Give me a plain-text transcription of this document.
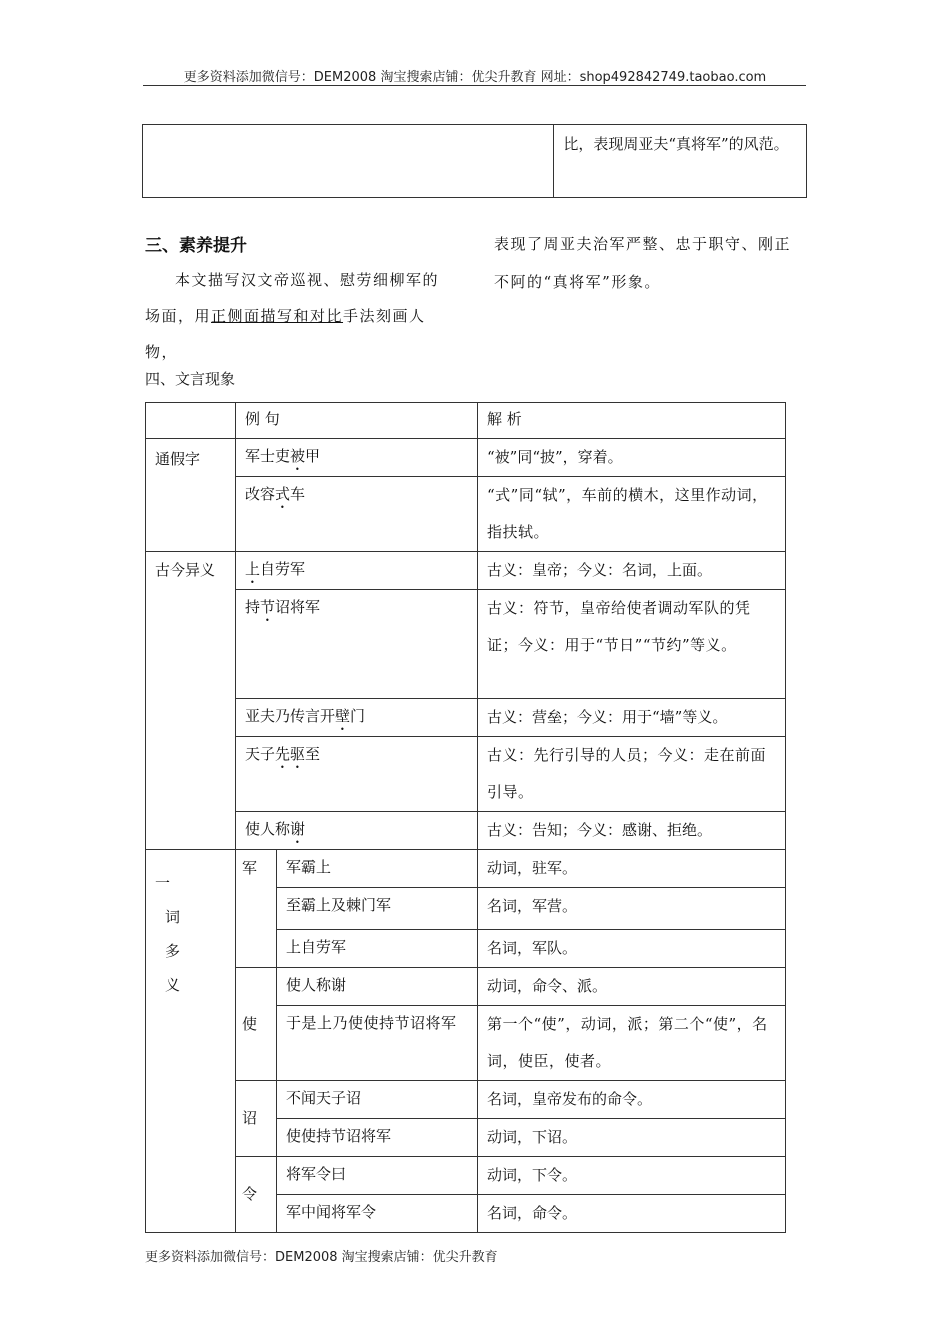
更多资料添加微信号：DEM2008 淘宝搜索店铺：优尖升教育 网址：shop492842749.taobao.com
	比，表现周亚夫“真将军”的风范。
三、素养提升
本文描写汉文帝巡视、慰劳细柳军的场面，用正侧面描写和对比手法刻画人物，
表现了周亚夫治军严整、忠于职守、刚正不阿的“真将军”形象。
四、文言现象
	例 句		解 析
通假字	军士吏被甲		“被”同“披”，穿着。
	改容式车		“式”同“轼”，车前的横木，这里作动词，指扶轼。
古今异义	上自劳军		古义：皇帝；今义：名词，上面。
	持节诏将军		古义：符节，皇帝给使者调动军队的凭证；今义：用于“节日”“节约”等义。
	亚夫乃传言开壁门		古义：营垒；今义：用于“墙”等义。
	天子先驱至		古义：先行引导的人员；今义：走在前面引导。
	使人称谢		古义：告知；今义：感谢、拒绝。

一
词
多
义	军	军霸上	动词，驻军。
		至霸上及棘门军	名词，军营。
		上自劳军	名词，军队。
	使	使人称谢	动词，命令、派。
		于是上乃使使持节诏将军	第一个“使”，动词，派；第二个“使”，名词，使臣，使者。
	诏	不闻天子诏	名词，皇帝发布的命令。
		使使持节诏将军	动词，下诏。
	令	将军令曰	动词，下令。
		军中闻将军令	名词，命令。
更多资料添加微信号：DEM2008 淘宝搜索店铺：优尖升教育
